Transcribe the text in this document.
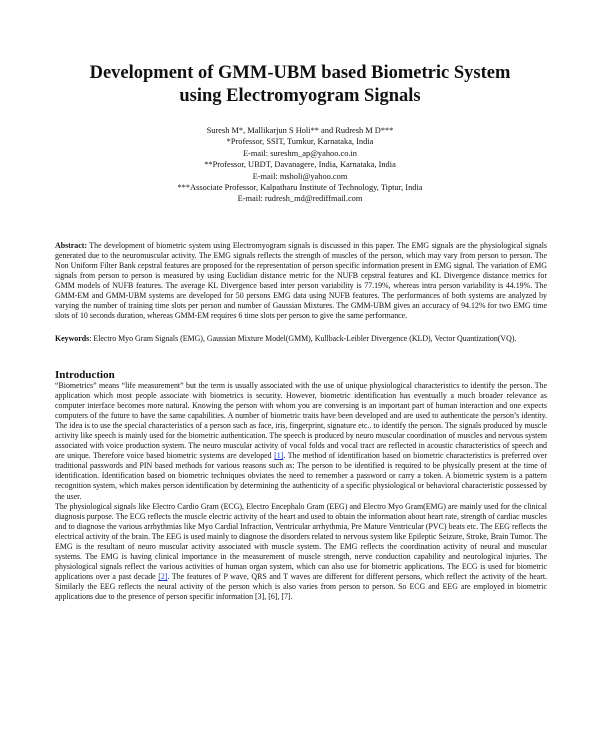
Development of GMM-UBM based Biometric System
using Electromyogram Signals
Suresh M*, Mallikarjun S Holi** and Rudresh M D***
*Professor, SSIT, Tumkur, Karnataka, India
E-mail: sureshm_ap@yahoo.co.in
**Professor, UBDT, Davanagere, India, Karnataka, India
E-mail: msholi@yahoo.com
***Associate Professor, Kalpatharu Institute of Technology, Tiptur, India
E-mail: rudresh_md@rediffmail.com

Abstract: The development of biometric system using Electromyogram signals is discussed in this paper. The EMG signals are the physiological signals generated due to the neuromuscular activity. The EMG signals reflects the strength of muscles of the person, which may vary from person to person. The Non Uniform Filter Bank cepstral features are proposed for the representation of person specific information present in EMG signal. The variation of EMG signals from person to person is measured by using Euclidian distance metric for the NUFB cepstral features and KL Divergence distance metrics for GMM models of NUFB features. The average KL Divergence based inter person variability is 77.19%, whereas intra person variability is 44.19%. The GMM-EM and GMM-UBM systems are developed for 50 persons EMG data using NUFB features. The performances of both systems are analyzed by varying the number of training time slots per person and number of Gaussian Mixtures. The GMM-UBM gives an accuracy of 94.12% for two EMG time slots of 10 seconds duration, whereas GMM-EM requires 6 time slots per person to give the same performance.

Keywords: Electro Myo Gram Signals (EMG), Gaussian Mixture Model(GMM), Kullback-Leibler Divergence (KLD), Vector Quantization(VQ).

Introduction

“Biometrics” means “life measurement” but the term is usually associated with the use of unique physiological characteristics to identify the person. The application which most people associate with biometrics is security. However, biometric identification has eventually a much broader relevance as computer interface becomes more natural. Knowing the person with whom you are conversing is an important part of human interaction and one expects computers of the future to have the same capabilities. A number of biometric traits have been developed and are used to authenticate the person’s identity. The idea is to use the special characteristics of a person such as face, iris, fingerprint, signature etc.. to identify the person. The signals produced by muscle activity like speech is mainly used for the biometric authentication. The speech is produced by neuro muscular coordination of muscles and nervous system associated with voice production system. The neuro muscular activity of vocal folds and vocal tract are reflected in acoustic characteristics of speech and are unique. Therefore voice based biometric systems are developed [1]. The method of identification based on biometric characteristics is preferred over traditional passwords and PIN based methods for various reasons such as: The person to be identified is required to be physically present at the time of identification. Identification based on biometric techniques obviates the need to remember a password or carry a token. A biometric system is a pattern recognition system, which makes person identification by determining the authenticity of a specific physiological or behavioral characteristic possessed by the user.

The physiological signals like Electro Cardio Gram (ECG), Electro Encephalo Gram (EEG) and Electro Myo Gram(EMG) are mainly used for the clinical diagnosis purpose. The ECG reflects the muscle electric activity of the heart and used to obtain the information about heart rate, strength of cardiac muscles and to diagnose the various arrhythmias like Myo Cardial Infraction, Ventricular arrhythmia, Pre Mature Ventricular (PVC) beats etc. The EEG reflects the electrical activity of the brain. The EEG is used mainly to diagnose the disorders related to nervous system like Epileptic Seizure, Stroke, Brain Tumor. The EMG is the resultant of neuro muscular activity associated with muscle system. The EMG reflects the coordination activity of neural and muscular systems. The EMG is having clinical importance in the measurement of muscle strength, nerve conduction capability and neurological injuries. The physiological signals reflect the various activities of human organ system, which can also use for biometric applications. The ECG is used for biometric applications over a past decade [2]. The features of P wave, QRS and T waves are different for different persons, which reflect the activity of the heart. Similarly the EEG reflects the neural activity of the person which is also varies from person to person. So ECG and EEG are employed in biometric applications due to the presence of person specific information [3], [6], [7].
